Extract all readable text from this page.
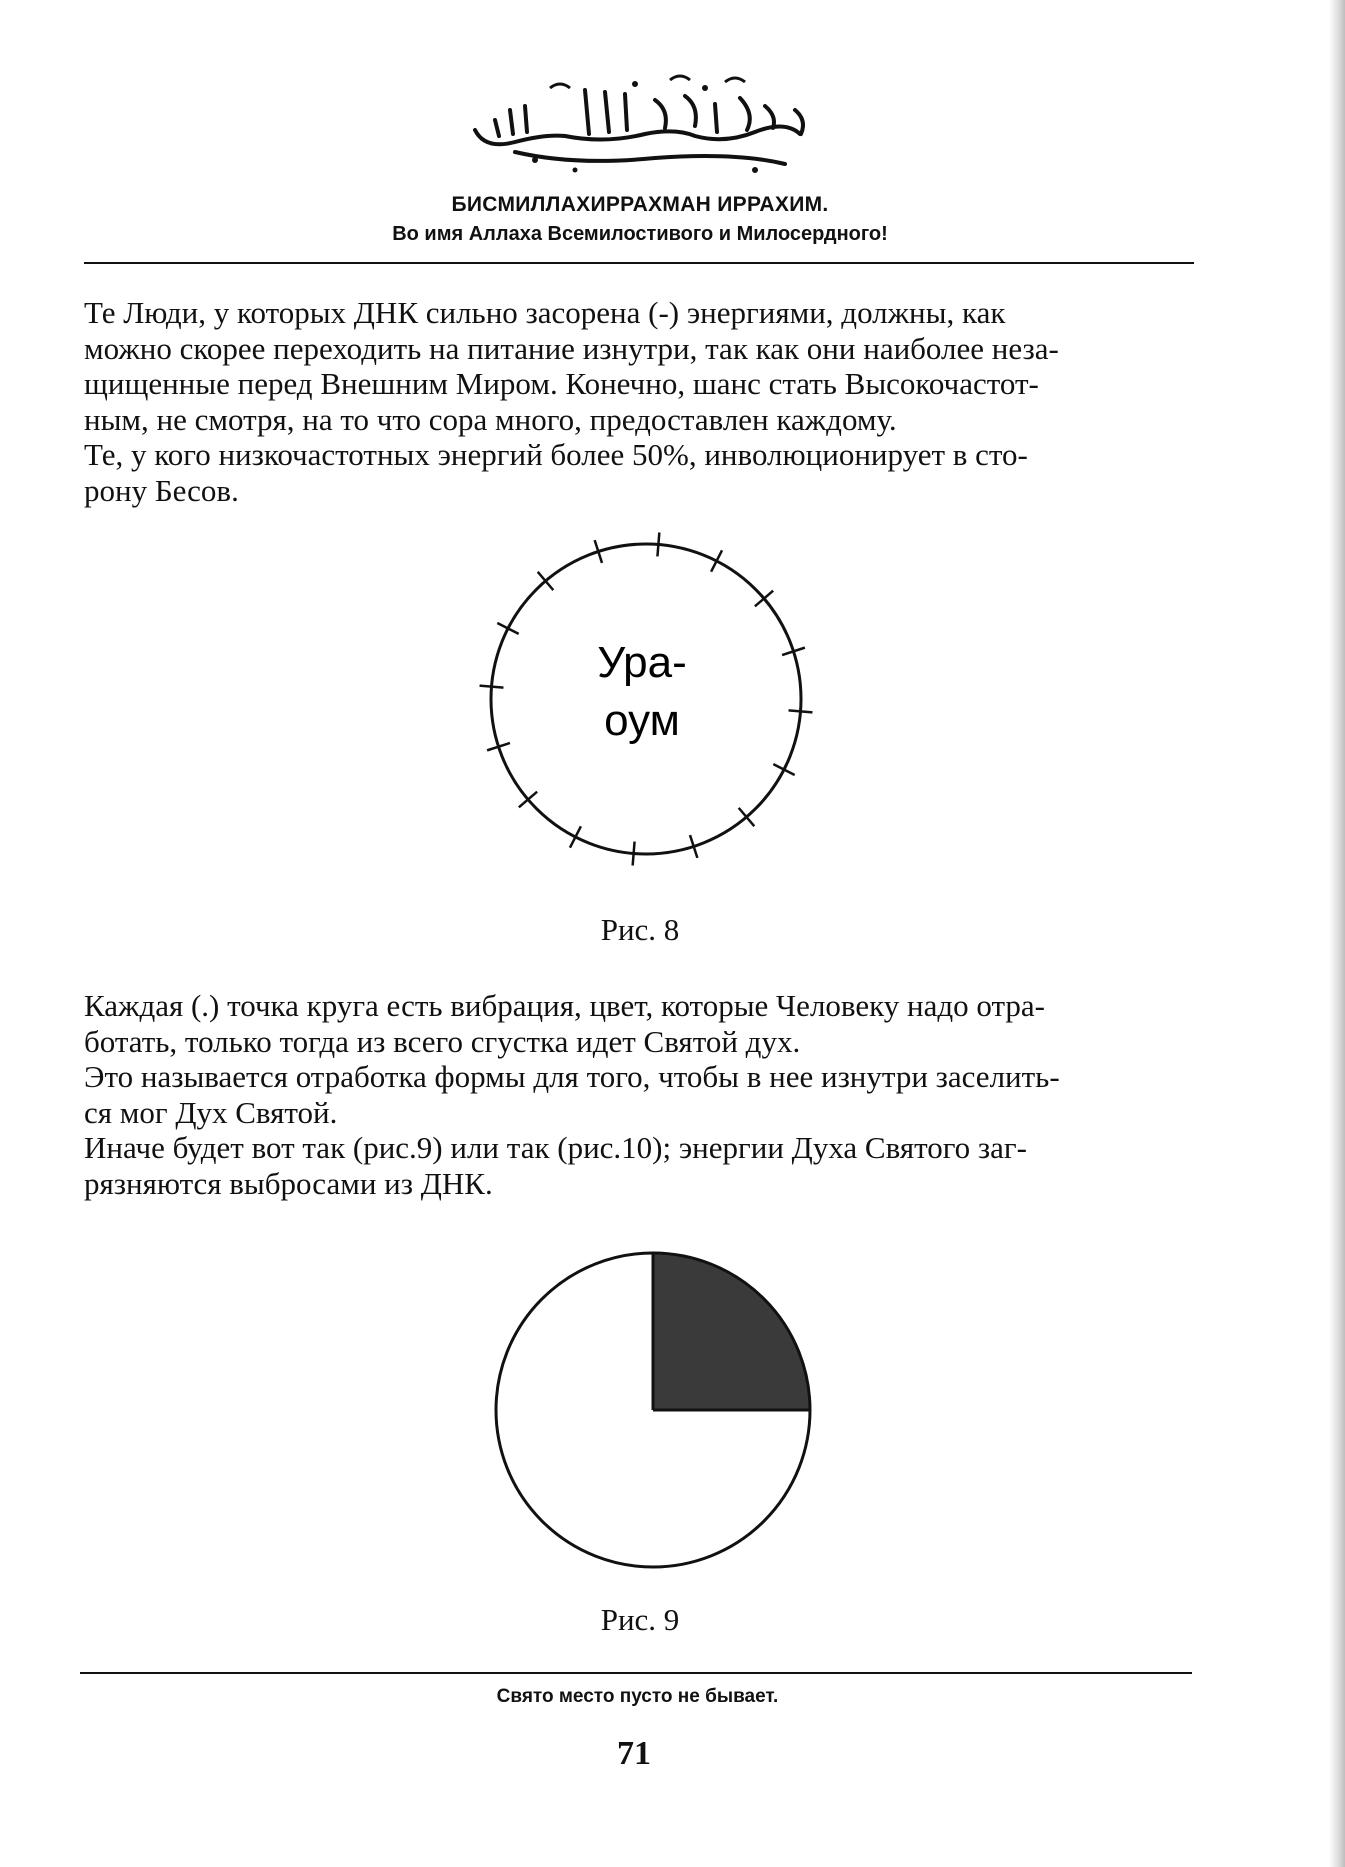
БИСМИЛЛАХИРРАХМАН ИРРАХИМ.

Во имя Аллаха Всемилостивого и Милосердного!

Те Люди, у которых ДНК сильно засорена (-) энергиями, должны, как
можно скорее переходить на питание изнутри, так как они наиболее неза-
щищенные перед Внешним Миром. Конечно, шанс стать Высокочастот-
ным, не смотря, на то что сора много, предоставлен каждому.
Те, у кого низкочастотных энергий более 50%, инволюционирует в сто-
рону Бесов.
Ура-
оум

Рис. 8

Каждая (.) точка круга есть вибрация, цвет, которые Человеку надо отра-
ботать, только тогда из всего сгустка идет Святой дух.
Это называется отработка формы для того, чтобы в нее изнутри заселить-
ся мог Дух Святой.
Иначе будет вот так (рис.9) или так (рис.10); энергии Духа Святого заг-
рязняются выбросами из ДНК.

Рис. 9

Свято место пусто не бывает.

71
